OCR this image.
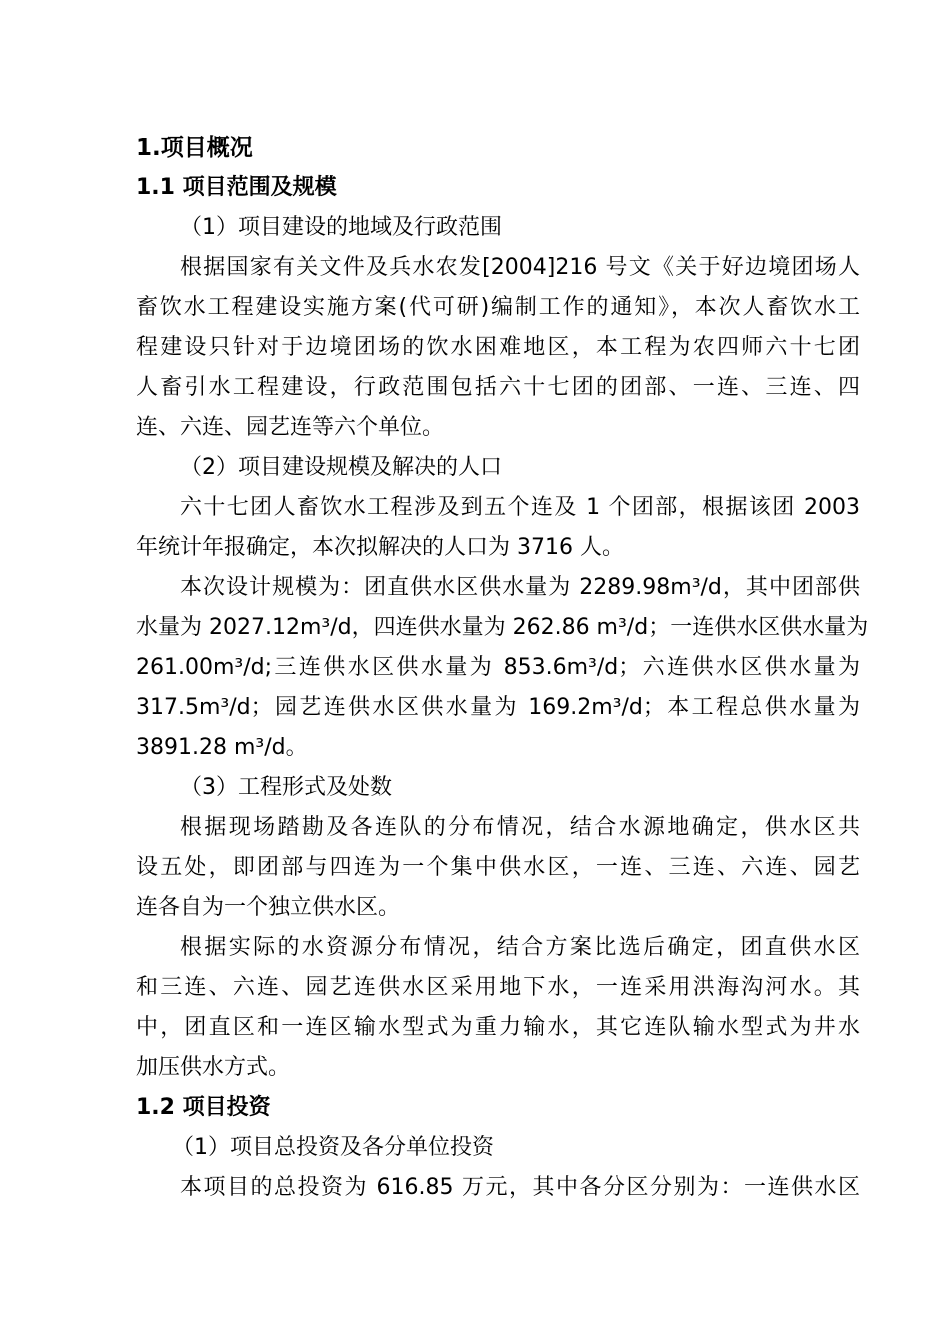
1.项目概况
1.1 项目范围及规模
（1）项目建设的地域及行政范围
根据国家有关文件及兵水农发[2004]216 号文《关于好边境团场人
畜饮水工程建设实施方案(代可研)编制工作的通知》，本次人畜饮水工
程建设只针对于边境团场的饮水困难地区，本工程为农四师六十七团
人畜引水工程建设，行政范围包括六十七团的团部、一连、三连、四
连、六连、园艺连等六个单位。
（2）项目建设规模及解决的人口
六十七团人畜饮水工程涉及到五个连及 1 个团部，根据该团 2003
年统计年报确定，本次拟解决的人口为 3716 人。
本次设计规模为：团直供水区供水量为 2289.98m³/d，其中团部供
水量为 2027.12m³/d，四连供水量为 262.86 m³/d；一连供水区供水量为
261.00m³/d;三连供水区供水量为 853.6m³/d；六连供水区供水量为
317.5m³/d；园艺连供水区供水量为 169.2m³/d；本工程总供水量为
3891.28 m³/d。
（3）工程形式及处数
根据现场踏勘及各连队的分布情况，结合水源地确定，供水区共
设五处，即团部与四连为一个集中供水区，一连、三连、六连、园艺
连各自为一个独立供水区。
根据实际的水资源分布情况，结合方案比选后确定，团直供水区
和三连、六连、园艺连供水区采用地下水，一连采用洪海沟河水。其
中，团直区和一连区输水型式为重力输水，其它连队输水型式为井水
加压供水方式。
1.2 项目投资
（1）项目总投资及各分单位投资
本项目的总投资为 616.85 万元，其中各分区分别为：一连供水区
